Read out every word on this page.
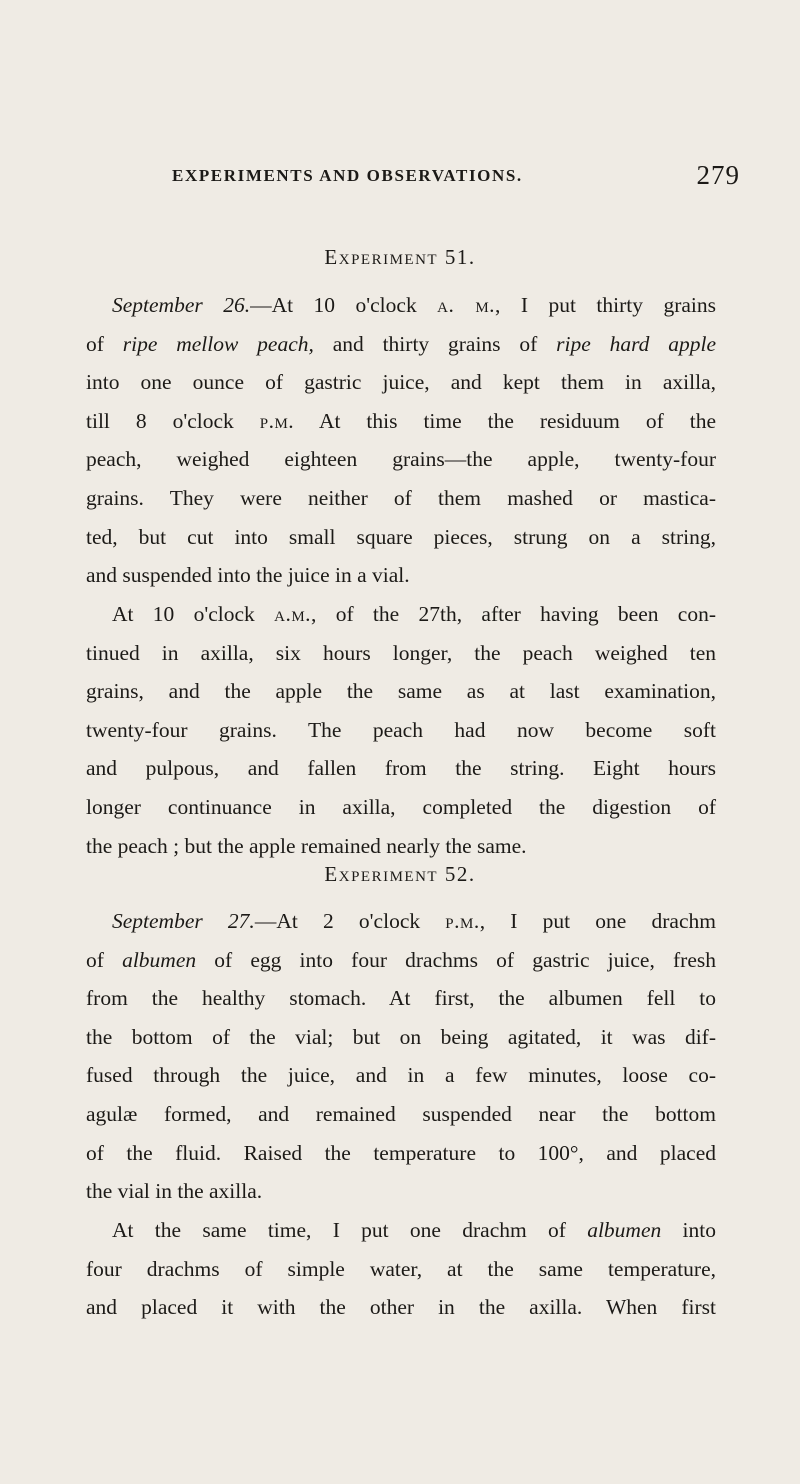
EXPERIMENTS AND OBSERVATIONS.	279
Experiment 51.
September 26.—At 10 o'clock a. m., I put thirty grains
of ripe mellow peach, and thirty grains of ripe hard apple
into one ounce of gastric juice, and kept them in axilla,
till 8 o'clock p.m. At this time the residuum of the
peach, weighed eighteen grains—the apple, twenty-four
grains. They were neither of them mashed or mastica-
ted, but cut into small square pieces, strung on a string,
and suspended into the juice in a vial.
At 10 o'clock a.m., of the 27th, after having been con-
tinued in axilla, six hours longer, the peach weighed ten
grains, and the apple the same as at last examination,
twenty-four grains. The peach had now become soft
and pulpous, and fallen from the string. Eight hours
longer continuance in axilla, completed the digestion of
the peach ; but the apple remained nearly the same.
Experiment 52.
September 27.—At 2 o'clock p.m., I put one drachm
of albumen of egg into four drachms of gastric juice, fresh
from the healthy stomach. At first, the albumen fell to
the bottom of the vial; but on being agitated, it was dif-
fused through the juice, and in a few minutes, loose co-
agulæ formed, and remained suspended near the bottom
of the fluid. Raised the temperature to 100°, and placed
the vial in the axilla.
At the same time, I put one drachm of albumen into
four drachms of simple water, at the same temperature,
and placed it with the other in the axilla. When first
